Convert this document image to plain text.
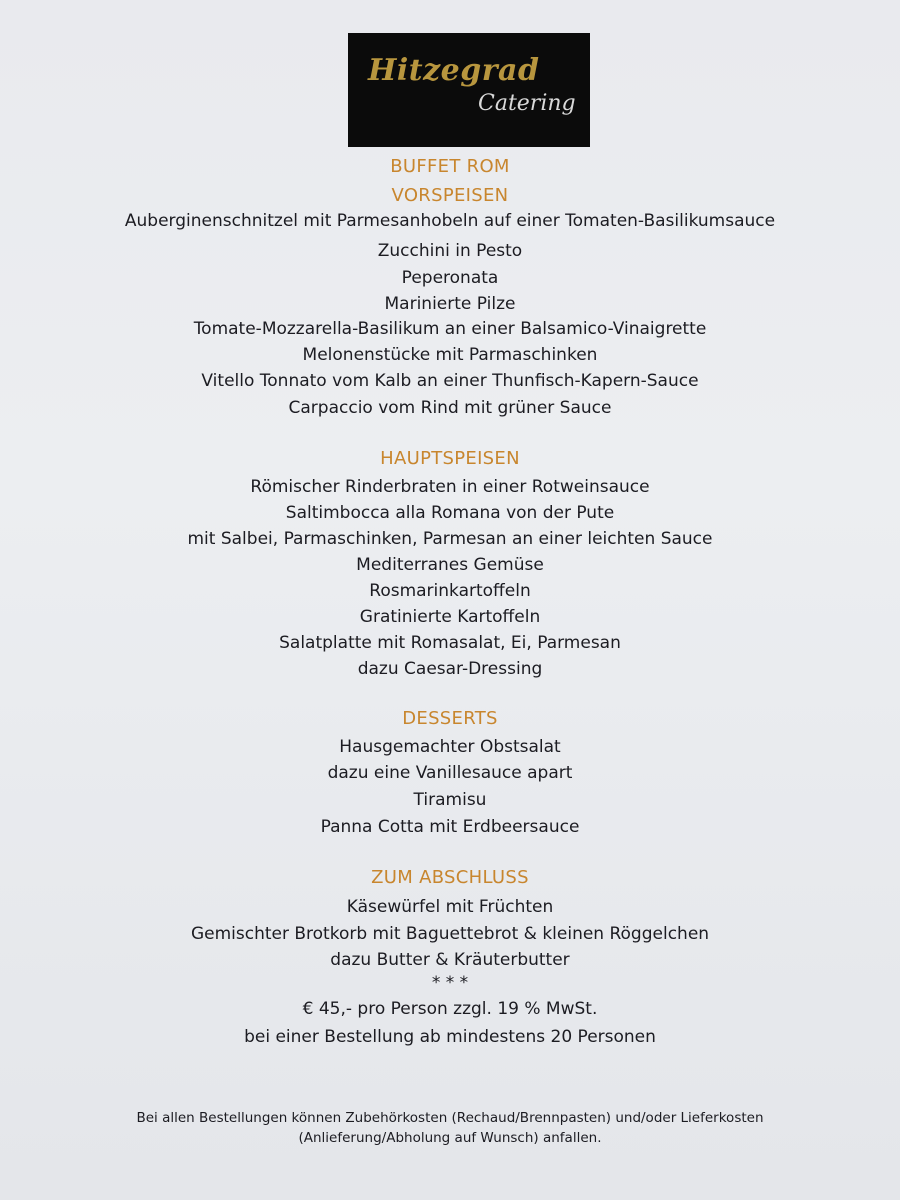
Hitzegrad
Catering
BUFFET ROM
VORSPEISEN
Auberginenschnitzel mit Parmesanhobeln auf einer Tomaten-Basilikumsauce
Zucchini in Pesto
Peperonata
Marinierte Pilze
Tomate-Mozzarella-Basilikum an einer Balsamico-Vinaigrette
Melonenstücke mit Parmaschinken
Vitello Tonnato vom Kalb an einer Thunfisch-Kapern-Sauce
Carpaccio vom Rind mit grüner Sauce
HAUPTSPEISEN
Römischer Rinderbraten in einer Rotweinsauce
Saltimbocca alla Romana von der Pute
mit Salbei, Parmaschinken, Parmesan an einer leichten Sauce
Mediterranes Gemüse
Rosmarinkartoffeln
Gratinierte Kartoffeln
Salatplatte mit Romasalat, Ei, Parmesan
dazu Caesar-Dressing
DESSERTS
Hausgemachter Obstsalat
dazu eine Vanillesauce apart
Tiramisu
Panna Cotta mit Erdbeersauce
ZUM ABSCHLUSS
Käsewürfel mit Früchten
Gemischter Brotkorb mit Baguettebrot & kleinen Röggelchen
dazu Butter & Kräuterbutter
* * *
€ 45,- pro Person zzgl. 19 % MwSt.
bei einer Bestellung ab mindestens 20 Personen
Bei allen Bestellungen können Zubehörkosten (Rechaud/Brennpasten) und/oder Lieferkosten
(Anlieferung/Abholung auf Wunsch) anfallen.
